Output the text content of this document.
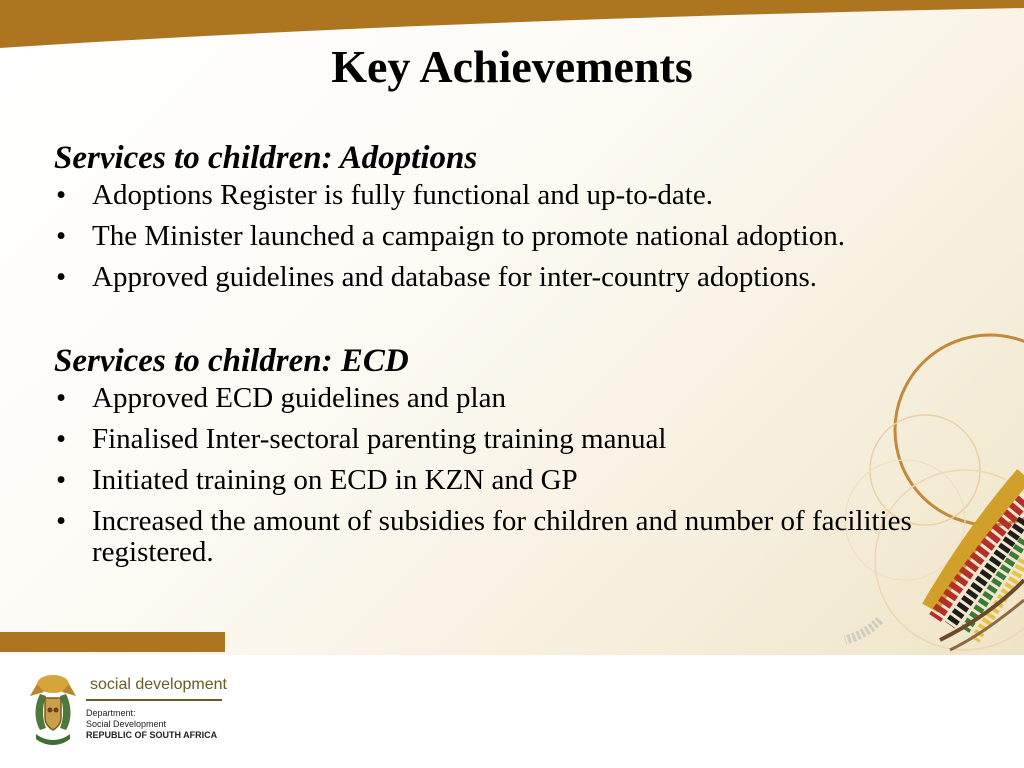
Key Achievements

Services to children: Adoptions

• Adoptions Register is fully functional and up-to-date.
• The Minister launched a campaign to promote national adoption.
• Approved guidelines and database for inter-country adoptions.

Services to children: ECD

• Approved ECD guidelines and plan
• Finalised Inter-sectoral parenting training manual
• Initiated training on ECD in KZN and GP
• Increased the amount of subsidies for children and number of facilities registered.
social development
Department:
Social Development
REPUBLIC OF SOUTH AFRICA
